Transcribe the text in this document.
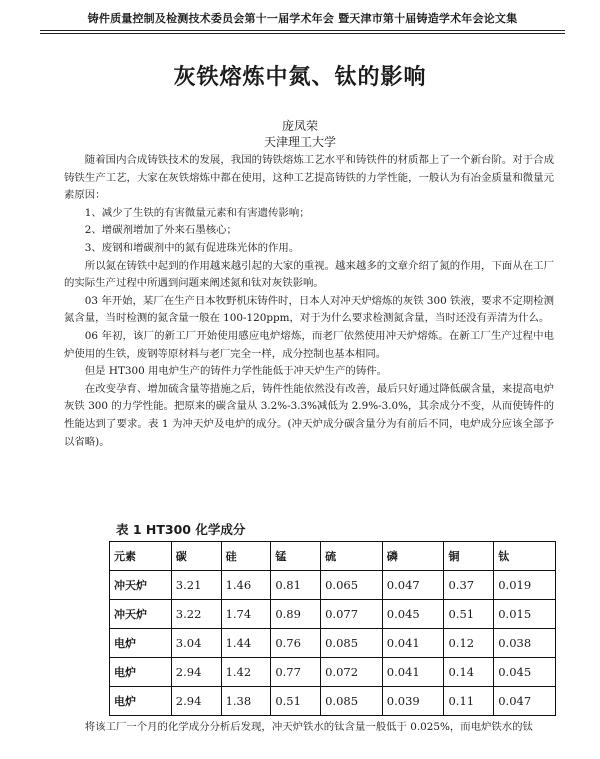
铸件质量控制及检测技术委员会第十一届学术年会 暨天津市第十届铸造学术年会论文集
灰铁熔炼中氮、钛的影响
庞凤荣
天津理工大学

随着国内合成铸铁技术的发展，我国的铸铁熔炼工艺水平和铸铁件的材质都上了一个新台阶。对于合成铸铁生产工艺，大家在灰铁熔炼中都在使用，这种工艺提高铸铁的力学性能，一般认为有冶金质量和微量元素原因：

1、减少了生铁的有害微量元素和有害遗传影响；

2、增碳剂增加了外来石墨核心；

3、废钢和增碳剂中的氮有促进珠光体的作用。

所以氮在铸铁中起到的作用越来越引起的大家的重视。越来越多的文章介绍了氮的作用，下面从在工厂的实际生产过程中所遇到问题来阐述氮和钛对灰铁影响。

03 年开始，某厂在生产日本牧野机床铸件时，日本人对冲天炉熔炼的灰铁 300 铁液，要求不定期检测氮含量，当时检测的氮含量一般在 100-120ppm，对于为什么要求检测氮含量，当时还没有弄清为什么。

06 年初，该厂的新工厂开始使用感应电炉熔炼，而老厂依然使用冲天炉熔炼。在新工厂生产过程中电炉使用的生铁，废钢等原材料与老厂完全一样，成分控制也基本相同。

但是 HT300 用电炉生产的铸件力学性能低于冲天炉生产的铸件。

在改变孕育、增加硫含量等措施之后，铸件性能依然没有改善，最后只好通过降低碳含量，来提高电炉灰铁 300 的力学性能。把原来的碳含量从 3.2%-3.3%减低为 2.9%-3.0%，其余成分不变，从而使铸件的性能达到了要求。表 1 为冲天炉及电炉的成分。(冲天炉成分碳含量分为有前后不同，电炉成分应该全部予以省略)。

表 1 HT300 化学成分
元素	碳	硅	锰	硫	磷	铜	钛
冲天炉	3.21	1.46	0.81	0.065	0.047	0.37	0.019
冲天炉	3.22	1.74	0.89	0.077	0.045	0.51	0.015
电炉	3.04	1.44	0.76	0.085	0.041	0.12	0.038
电炉	2.94	1.42	0.77	0.072	0.041	0.14	0.045
电炉	2.94	1.38	0.51	0.085	0.039	0.11	0.047
将该工厂一个月的化学成分分析后发现，冲天炉铁水的钛含量一般低于 0.025%，而电炉铁水的钛
